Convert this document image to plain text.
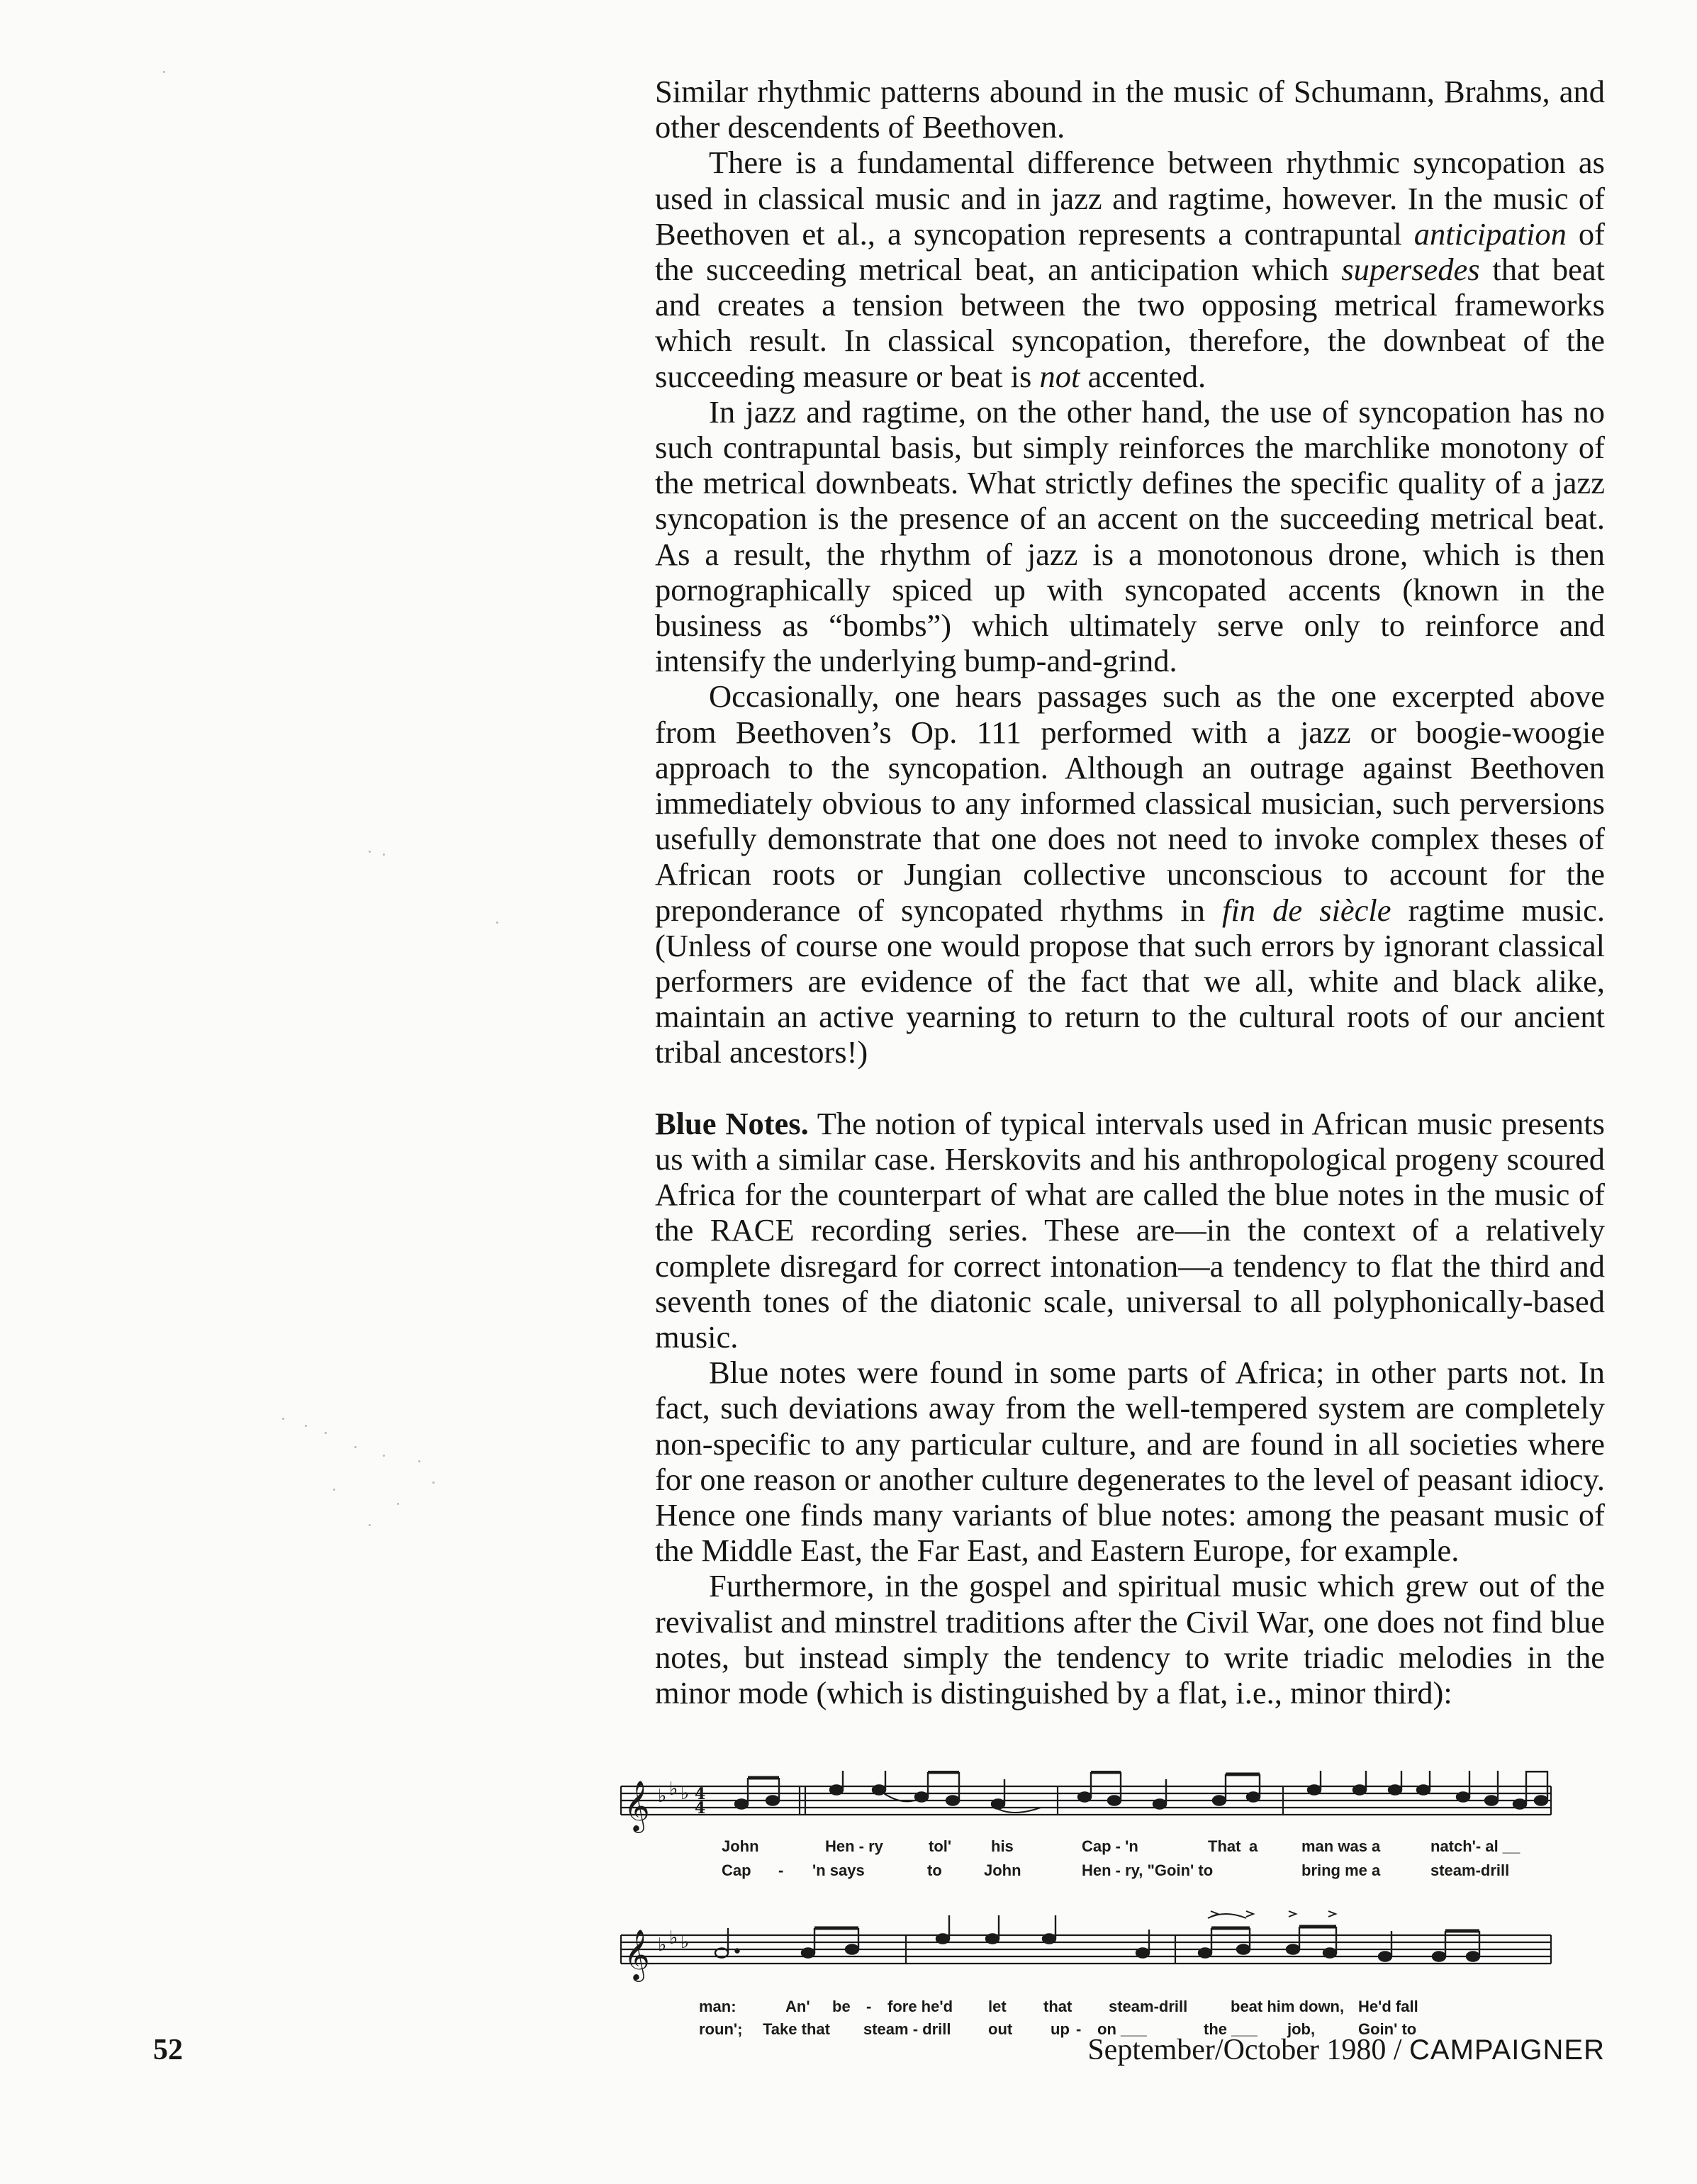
Similar rhythmic patterns abound in the music of Schumann, Brahms, and other descendents of Beethoven.

There is a fundamental difference between rhythmic syncopation as used in classical music and in jazz and ragtime, however. In the music of Beethoven et al., a syncopation represents a contrapuntal anticipation of the succeeding metrical beat, an anticipation which supersedes that beat and creates a tension between the two opposing metrical frameworks which result. In classical syncopation, therefore, the downbeat of the succeeding measure or beat is not accented.

In jazz and ragtime, on the other hand, the use of syncopation has no such contrapuntal basis, but simply reinforces the marchlike monotony of the metrical downbeats. What strictly defines the specific quality of a jazz syncopation is the presence of an accent on the succeeding metrical beat. As a result, the rhythm of jazz is a monotonous drone, which is then pornographically spiced up with syncopated accents (known in the business as “bombs”) which ultimately serve only to reinforce and intensify the underlying bump-and-grind.

Occasionally, one hears passages such as the one excerpted above from Beethoven’s Op. 111 performed with a jazz or boogie-woogie approach to the syncopation. Although an outrage against Beethoven immediately obvious to any informed classical musician, such perversions usefully demonstrate that one does not need to invoke complex theses of African roots or Jungian collective unconscious to account for the preponderance of syncopated rhythms in fin de siècle ragtime music. (Unless of course one would propose that such errors by ignorant classical performers are evidence of the fact that we all, white and black alike, maintain an active yearning to return to the cultural roots of our ancient tribal ancestors!)

Blue Notes. The notion of typical intervals used in African music presents us with a similar case. Herskovits and his anthropological progeny scoured Africa for the counterpart of what are called the blue notes in the music of the RACE recording series. These are—in the context of a relatively complete disregard for correct intonation—a tendency to flat the third and seventh tones of the diatonic scale, universal to all polyphonically-based music.

Blue notes were found in some parts of Africa; in other parts not. In fact, such deviations away from the well-tempered system are completely non-specific to any particular culture, and are found in all societies where for one reason or another culture degenerates to the level of peasant idiocy. Hence one finds many variants of blue notes: among the peasant music of the Middle East, the Far East, and Eastern Europe, for example.

Furthermore, in the gospel and spiritual music which grew out of the revivalist and minstrel traditions after the Civil War, one does not find blue notes, but instead simply the tendency to write triadic melodies in the minor mode (which is distinguished by a flat, i.e., minor third):

𝄞 ♭ ♭ ♭ 4
4
𝄞 ♭ ♭ ♭
John	Hen - ry	tol'	his	Cap - 'n	That a	man was a	natch'- al __
Cap - 'n says	to	John	Hen - ry, "Goin' to	bring me a	steam-drill
man:	An' be - fore he'd let that steam-drill	beat him down, He'd fall
roun'; Take that steam - drill out up - on ___	the ___ job,	Goin' to
52	September/October 1980 / CAMPAIGNER
